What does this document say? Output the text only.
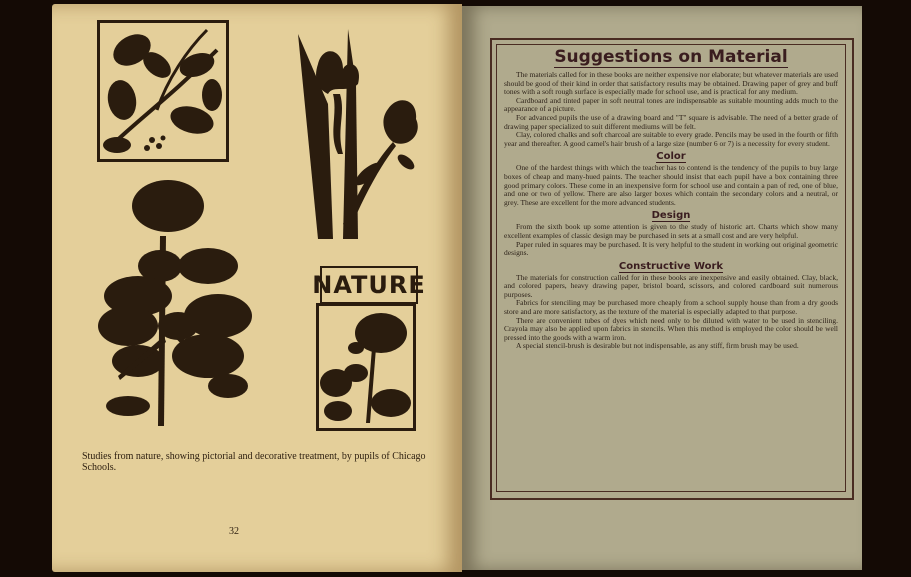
NATURE
Studies from nature, showing pictorial and decorative treatment, by pupils of Chicago Schools.
32
Suggestions on Material

The materials called for in these books are neither expensive nor elaborate; but whatever materials are used should be good of their kind in order that satisfactory results may be obtained. Drawing paper of grey and buff tones with a soft rough surface is especially made for school use, and is practical for any medium.

Cardboard and tinted paper in soft neutral tones are indispensable as suitable mounting adds much to the appearance of a picture.

For advanced pupils the use of a drawing board and "T" square is advisable. The need of a better grade of drawing paper specialized to suit different mediums will be felt.

Clay, colored chalks and soft charcoal are suitable to every grade. Pencils may be used in the fourth or fifth year and thereafter. A good camel's hair brush of a large size (number 6 or 7) is a necessity for every student.

Color

One of the hardest things with which the teacher has to contend is the tendency of the pupils to buy large boxes of cheap and many-hued paints. The teacher should insist that each pupil have a box containing three good primary colors. These come in an inexpensive form for school use and contain a pan of red, one of blue, and one or two of yellow. There are also larger boxes which contain the secondary colors and a neutral, or grey. These are excellent for the more advanced students.

Design

From the sixth book up some attention is given to the study of historic art. Charts which show many excellent examples of classic design may be purchased in sets at a small cost and are very helpful.

Paper ruled in squares may be purchased. It is very helpful to the student in working out original geometric designs.

Constructive Work

The materials for construction called for in these books are inexpensive and easily obtained. Clay, black, and colored papers, heavy drawing paper, bristol board, scissors, and colored cardboard suit numerous purposes.

Fabrics for stenciling may be purchased more cheaply from a school supply house than from a dry goods store and are more satisfactory, as the texture of the material is especially adapted to that purpose.

There are convenient tubes of dyes which need only to be diluted with water to be used in stenciling. Crayola may also be applied upon fabrics in stencils. When this method is employed the color should be well pressed into the goods with a warm iron.

A special stencil-brush is desirable but not indispensable, as any stiff, firm brush may be used.
